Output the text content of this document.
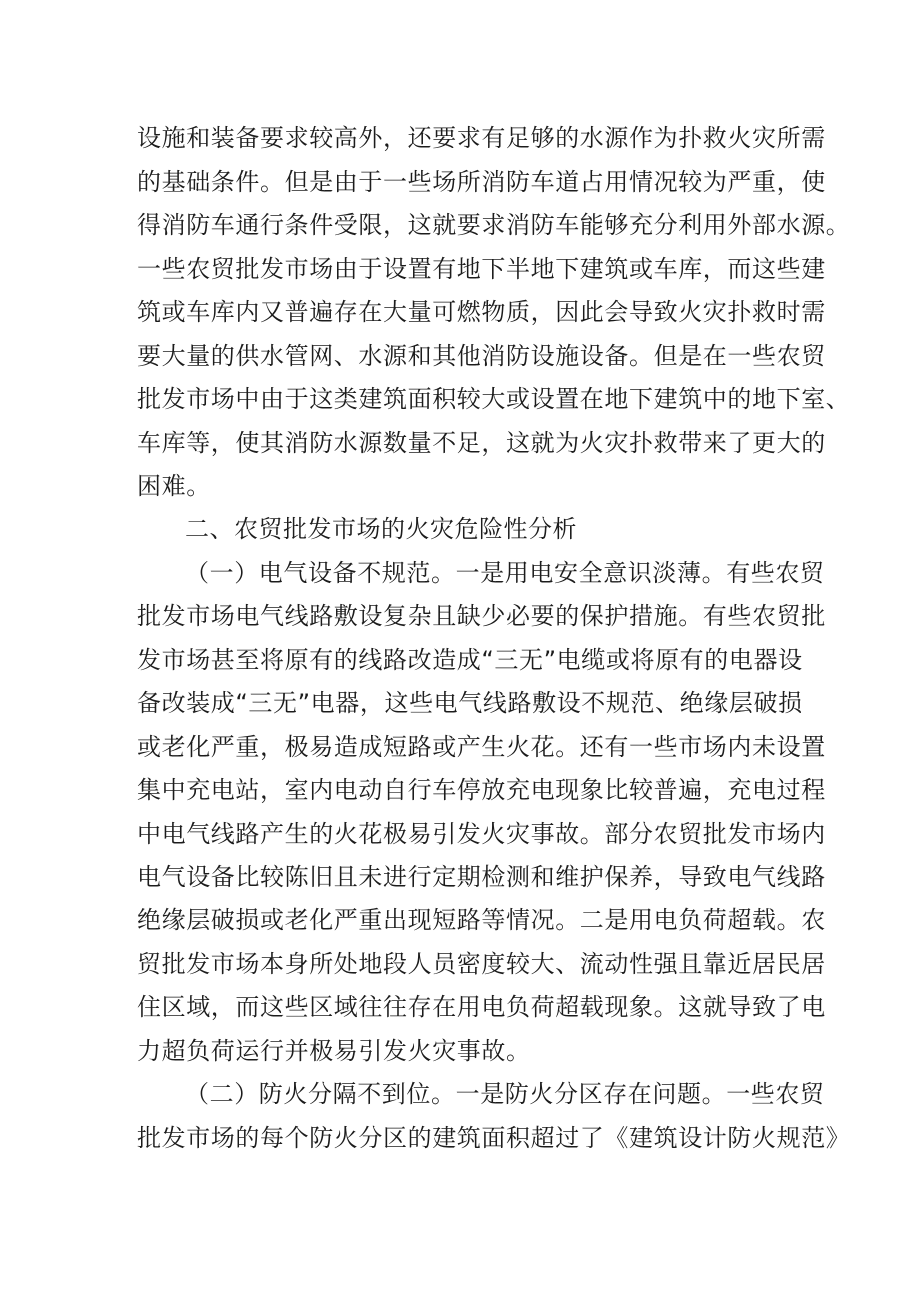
设施和装备要求较高外，还要求有足够的水源作为扑救火灾所需
的基础条件。但是由于一些场所消防车道占用情况较为严重，使
得消防车通行条件受限，这就要求消防车能够充分利用外部水源。
一些农贸批发市场由于设置有地下半地下建筑或车库，而这些建
筑或车库内又普遍存在大量可燃物质，因此会导致火灾扑救时需
要大量的供水管网、水源和其他消防设施设备。但是在一些农贸
批发市场中由于这类建筑面积较大或设置在地下建筑中的地下室、
车库等，使其消防水源数量不足，这就为火灾扑救带来了更大的
困难。
二、农贸批发市场的火灾危险性分析
（一）电气设备不规范。一是用电安全意识淡薄。有些农贸
批发市场电气线路敷设复杂且缺少必要的保护措施。有些农贸批
发市场甚至将原有的线路改造成“三无”电缆或将原有的电器设
备改装成“三无”电器，这些电气线路敷设不规范、绝缘层破损
或老化严重，极易造成短路或产生火花。还有一些市场内未设置
集中充电站，室内电动自行车停放充电现象比较普遍，充电过程
中电气线路产生的火花极易引发火灾事故。部分农贸批发市场内
电气设备比较陈旧且未进行定期检测和维护保养，导致电气线路
绝缘层破损或老化严重出现短路等情况。二是用电负荷超载。农
贸批发市场本身所处地段人员密度较大、流动性强且靠近居民居
住区域，而这些区域往往存在用电负荷超载现象。这就导致了电
力超负荷运行并极易引发火灾事故。
（二）防火分隔不到位。一是防火分区存在问题。一些农贸
批发市场的每个防火分区的建筑面积超过了《建筑设计防火规范》
